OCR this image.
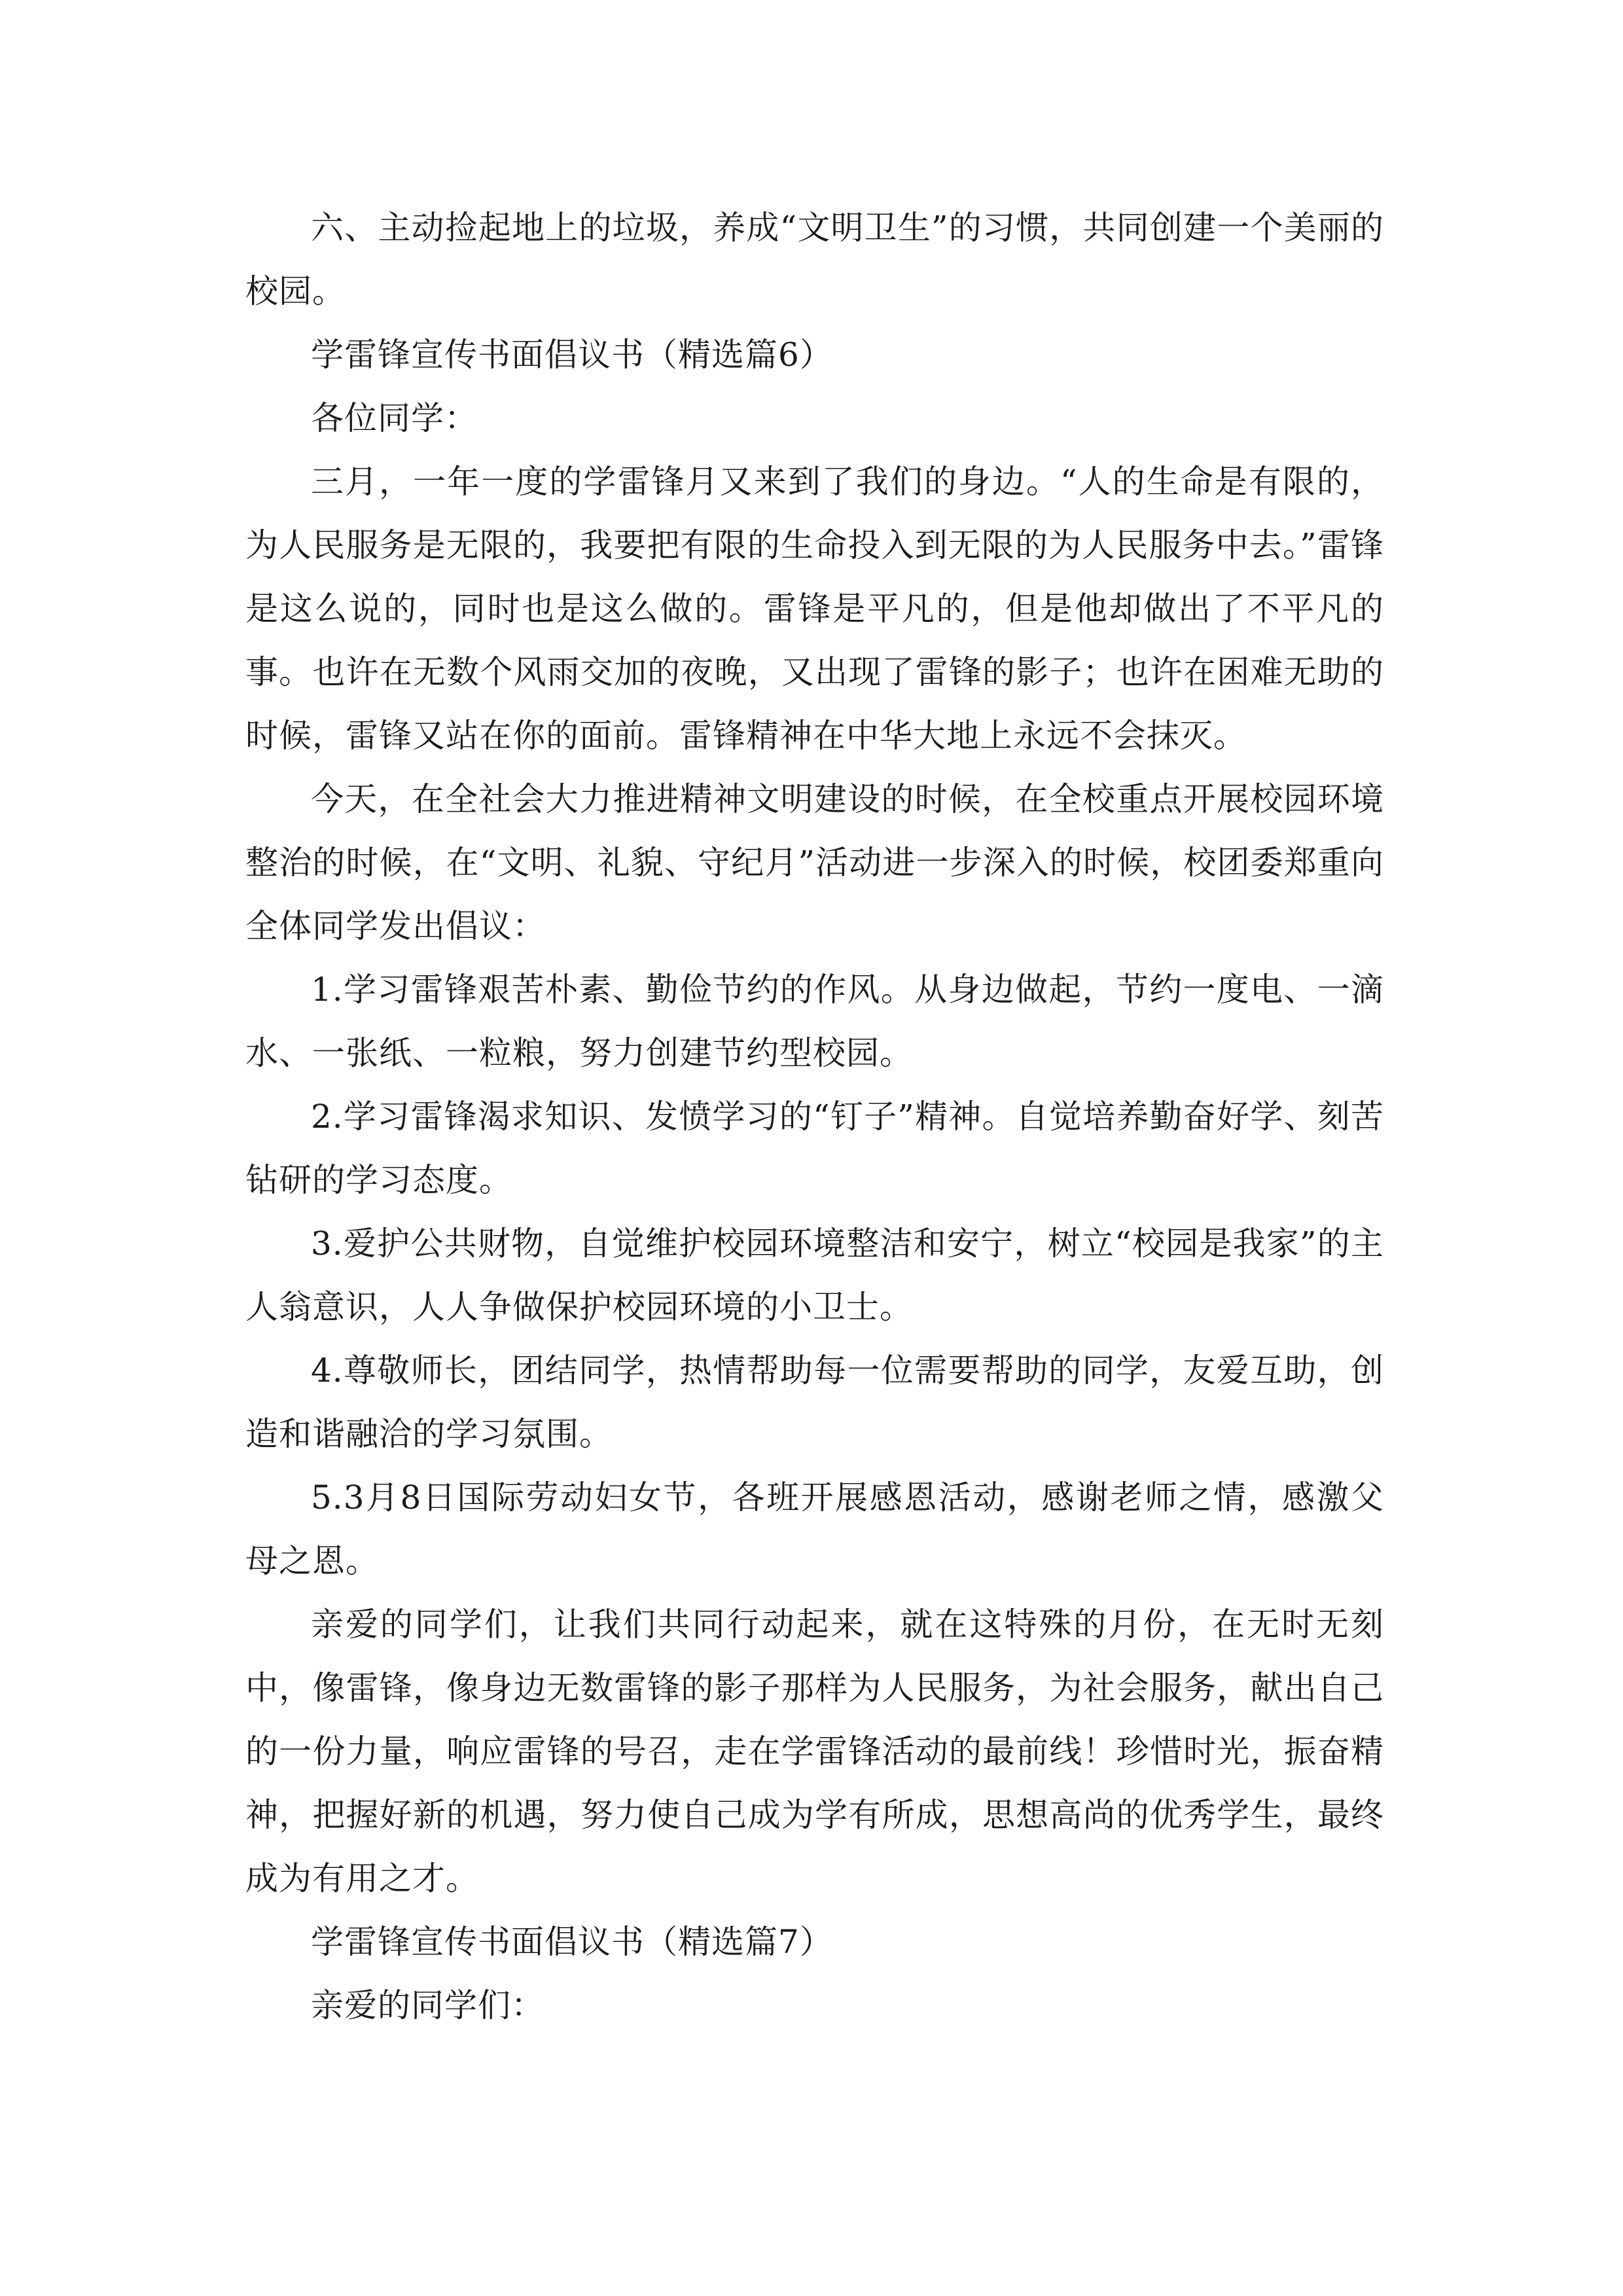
六、主动捡起地上的垃圾，养成“文明卫生”的习惯，共同创建一个美丽的校园。

学雷锋宣传书面倡议书（精选篇6）

各位同学：

三月，一年一度的学雷锋月又来到了我们的身边。“人的生命是有限的，为人民服务是无限的，我要把有限的生命投入到无限的为人民服务中去。”雷锋是这么说的，同时也是这么做的。雷锋是平凡的，但是他却做出了不平凡的事。也许在无数个风雨交加的夜晚，又出现了雷锋的影子；也许在困难无助的时候，雷锋又站在你的面前。雷锋精神在中华大地上永远不会抹灭。

今天，在全社会大力推进精神文明建设的时候，在全校重点开展校园环境整治的时候，在“文明、礼貌、守纪月”活动进一步深入的时候，校团委郑重向全体同学发出倡议：

1.学习雷锋艰苦朴素、勤俭节约的作风。从身边做起，节约一度电、一滴水、一张纸、一粒粮，努力创建节约型校园。

2.学习雷锋渴求知识、发愤学习的“钉子”精神。自觉培养勤奋好学、刻苦钻研的学习态度。

3.爱护公共财物，自觉维护校园环境整洁和安宁，树立“校园是我家”的主人翁意识，人人争做保护校园环境的小卫士。

4.尊敬师长，团结同学，热情帮助每一位需要帮助的同学，友爱互助，创造和谐融洽的学习氛围。

5.3月8日国际劳动妇女节，各班开展感恩活动，感谢老师之情，感激父母之恩。

亲爱的同学们，让我们共同行动起来，就在这特殊的月份，在无时无刻中，像雷锋，像身边无数雷锋的影子那样为人民服务，为社会服务，献出自己的一份力量，响应雷锋的号召，走在学雷锋活动的最前线！珍惜时光，振奋精神，把握好新的机遇，努力使自己成为学有所成，思想高尚的优秀学生，最终成为有用之才。

学雷锋宣传书面倡议书（精选篇7）

亲爱的同学们：
